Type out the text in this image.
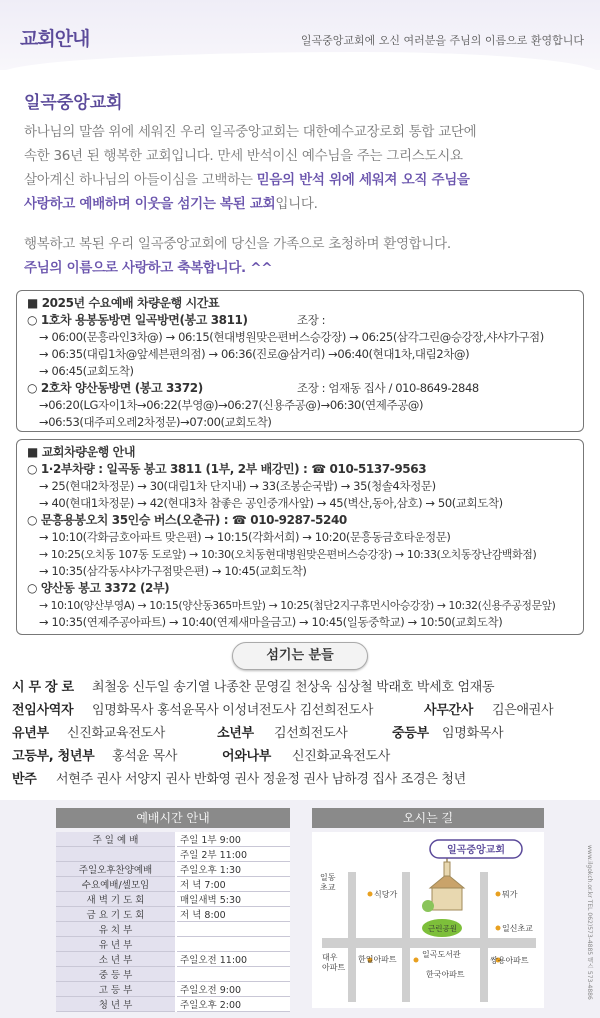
교회안내	일곡중앙교회에 오신 여러분을 주님의 이름으로 환영합니다
일곡중앙교회
하나님의 말씀 위에 세워진 우리 일곡중앙교회는 대한예수교장로회 통합 교단에
속한 36년 된 행복한 교회입니다. 만세 반석이신 예수님을 주는 그리스도시요
살아계신 하나님의 아들이심을 고백하는 믿음의 반석 위에 세워져 오직 주님을
사랑하고 예배하며 이웃을 섬기는 복된 교회입니다.
행복하고 복된 우리 일곡중앙교회에 당신을 가족으로 초청하며 환영합니다.
주님의 이름으로 사랑하고 축복합니다. ^^
■ 2025년 수요예배 차량운행 시간표
○ 1호차 용봉동방면 일곡방면(봉고 3811)	조장 :
→ 06:00(문흥라인3차@) → 06:15(현대병원맞은편버스승강장) → 06:25(삼각그린@승강장,샤샤가구점)
→ 06:35(대림1차@앞세븐편의점) → 06:36(진로@삼거리) →06:40(현대1차,대림2차@)
→ 06:45(교회도착)
○ 2호차 양산동방면 (봉고 3372)	조장 : 엄재동 집사 / 010-8649-2848
→06:20(LG자이1차→06:22(부영@)→06:27(신용주공@)→06:30(연제주공@)
→06:53(대주피오레2차정문)→07:00(교회도착)
■ 교회차량운행 안내
○ 1·2부차량 : 일곡동 봉고 3811 (1부, 2부 배강민) : ☎ 010-5137-9563
→ 25(현대2차정문) → 30(대림1차 단지내) → 33(조봉순국밥) → 35(청솔4차정문)
→ 40(현대1차정문) → 42(현대3차 참좋은 공인중개사앞) → 45(벽산,동아,삼호) → 50(교회도착)
○ 문흥용봉오치 35인승 버스(오춘규) : ☎ 010-9287-5240
→ 10:10(각화금호아파트 맞은편) → 10:15(각화서희) → 10:20(문흥동금호타운정문)
→ 10:25(오치동 107동 도로앞) → 10:30(오치동현대병원맞은편버스승강장) → 10:33(오치동장난감백화점)
→ 10:35(삼각동샤샤가구점맞은편) → 10:45(교회도착)
○ 양산동 봉고 3372 (2부)
→ 10:10(양산부영A) → 10:15(양산동365마트앞) → 10:25(첨단2지구휴먼시아승강장) → 10:32(신용주공정문앞)
→ 10:35(연제주공아파트) → 10:40(연제새마을금고) → 10:45(일동중학교) → 10:50(교회도착)
섬기는 분들
시 무 장 로 최철웅 신두일 송기열 나종찬 문영길 천상욱 심상철 박래호 박세호 엄재동
전임사역자 임명화목사 홍석윤목사 이성녀전도사 김선희전도사	사무간사 김은애권사
유년부 신진화교육전도사	소년부 김선희전도사	중등부 임명화목사
고등부, 청년부 홍석윤 목사	어와나부 신진화교육전도사
반주 서현주 권사 서양지 권사 반화영 권사 정윤정 권사 남하경 집사 조경은 청년
예배시간 안내	오시는 길
주 일 예 배	주일 1부 9:00
	주일 2부 11:00
주일오후찬양예배	주일오후 1:30
수요예배/셀모임	저 녁 7:00
새 벽 기 도 회	매일새벽 5:30
금 요 기 도 회	저 녁 8:00
유 치 부	
유 년 부	
소 년 부	주일오전 11:00
중 등 부	
고 등 부	주일오전 9:00
청 년 부	주일오후 2:00
일곡중앙교회
일동
초교
식당가	뭐가
근린공원
일곡도서관
일신초교
대우
아파트
한일아파트
한국아파트
쌍용아파트	www.ilgokch.or.kr TEL 062)573-4885 팩스 573-4886
